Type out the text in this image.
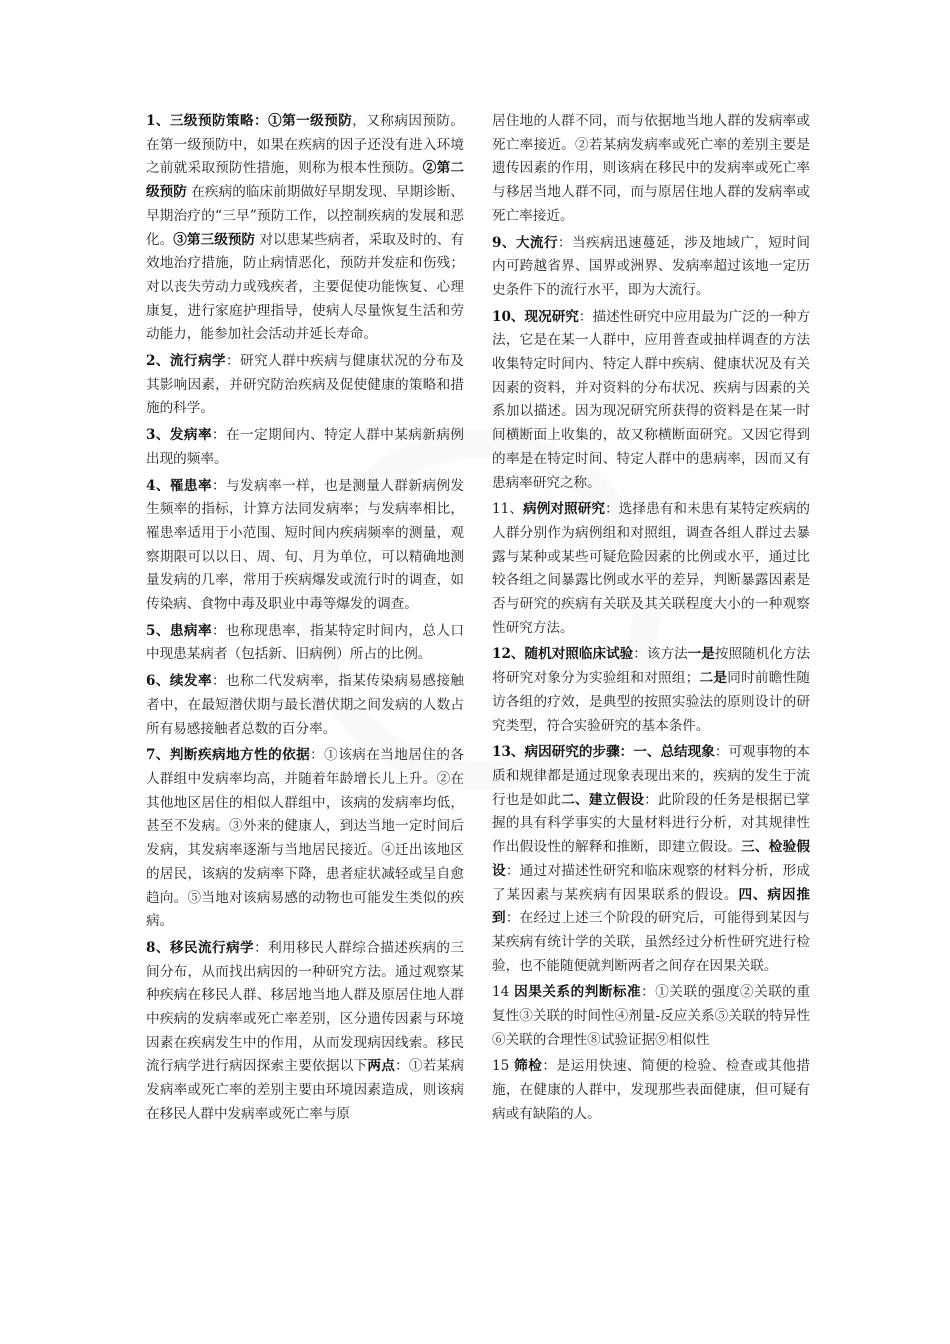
1、三级预防策略：①第一级预防，又称病因预防。在第一级预防中，如果在疾病的因子还没有进入环境之前就采取预防性措施，则称为根本性预防。②第二级预防 在疾病的临床前期做好早期发现、早期诊断、早期治疗的“三早”预防工作，以控制疾病的发展和恶化。③第三级预防 对以患某些病者，采取及时的、有效地治疗措施，防止病情恶化，预防并发症和伤残；对以丧失劳动力或残疾者，主要促使功能恢复、心理康复，进行家庭护理指导，使病人尽量恢复生活和劳动能力，能参加社会活动并延长寿命。

2、流行病学：研究人群中疾病与健康状况的分布及其影响因素，并研究防治疾病及促使健康的策略和措施的科学。

3、发病率：在一定期间内、特定人群中某病新病例出现的频率。

4、罹患率：与发病率一样，也是测量人群新病例发生频率的指标，计算方法同发病率；与发病率相比，罹患率适用于小范围、短时间内疾病频率的测量，观察期限可以以日、周、旬、月为单位，可以精确地测量发病的几率，常用于疾病爆发或流行时的调查，如传染病、食物中毒及职业中毒等爆发的调查。

5、患病率：也称现患率，指某特定时间内，总人口中现患某病者（包括新、旧病例）所占的比例。

6、续发率：也称二代发病率，指某传染病易感接触者中，在最短潜伏期与最长潜伏期之间发病的人数占所有易感接触者总数的百分率。

7、判断疾病地方性的依据：①该病在当地居住的各人群组中发病率均高，并随着年龄增长儿上升。②在其他地区居住的相似人群组中，该病的发病率均低，甚至不发病。③外来的健康人，到达当地一定时间后发病，其发病率逐渐与当地居民接近。④迁出该地区的居民，该病的发病率下降，患者症状减轻或呈自愈趋向。⑤当地对该病易感的动物也可能发生类似的疾病。

8、移民流行病学：利用移民人群综合描述疾病的三间分布，从而找出病因的一种研究方法。通过观察某种疾病在移民人群、移居地当地人群及原居住地人群中疾病的发病率或死亡率差别，区分遗传因素与环境因素在疾病发生中的作用，从而发现病因线索。移民流行病学进行病因探索主要依据以下两点：①若某病发病率或死亡率的差别主要由环境因素造成，则该病在移民人群中发病率或死亡率与原

居住地的人群不同，而与依据地当地人群的发病率或死亡率接近。②若某病发病率或死亡率的差别主要是遗传因素的作用，则该病在移民中的发病率或死亡率与移居当地人群不同，而与原居住地人群的发病率或死亡率接近。

9、大流行：当疾病迅速蔓延，涉及地域广，短时间内可跨越省界、国界或洲界、发病率超过该地一定历史条件下的流行水平，即为大流行。

10、现况研究：描述性研究中应用最为广泛的一种方法，它是在某一人群中，应用普查或抽样调查的方法收集特定时间内、特定人群中疾病、健康状况及有关因素的资料，并对资料的分布状况、疾病与因素的关系加以描述。因为现况研究所获得的资料是在某一时间横断面上收集的，故又称横断面研究。又因它得到的率是在特定时间、特定人群中的患病率，因而又有患病率研究之称。

11、病例对照研究：选择患有和未患有某特定疾病的人群分别作为病例组和对照组，调查各组人群过去暴露与某种或某些可疑危险因素的比例或水平，通过比较各组之间暴露比例或水平的差异，判断暴露因素是否与研究的疾病有关联及其关联程度大小的一种观察性研究方法。

12、随机对照临床试验：该方法一是按照随机化方法将研究对象分为实验组和对照组；二是同时前瞻性随访各组的疗效，是典型的按照实验法的原则设计的研究类型，符合实验研究的基本条件。

13、病因研究的步骤：一、总结现象：可观事物的本质和规律都是通过现象表现出来的，疾病的发生于流行也是如此二、建立假设：此阶段的任务是根据已掌握的具有科学事实的大量材料进行分析，对其规律性作出假设性的解释和推断，即建立假设。三、检验假设：通过对描述性研究和临床观察的材料分析，形成了某因素与某疾病有因果联系的假设。四、病因推到：在经过上述三个阶段的研究后，可能得到某因与某疾病有统计学的关联，虽然经过分析性研究进行检验，也不能随便就判断两者之间存在因果关联。

14 因果关系的判断标准：①关联的强度②关联的重复性③关联的时间性④剂量-反应关系⑤关联的特异性⑥关联的合理性⑧试验证据⑨相似性

15 筛检：是运用快速、简便的检验、检查或其他措施，在健康的人群中，发现那些表面健康，但可疑有病或有缺陷的人。
